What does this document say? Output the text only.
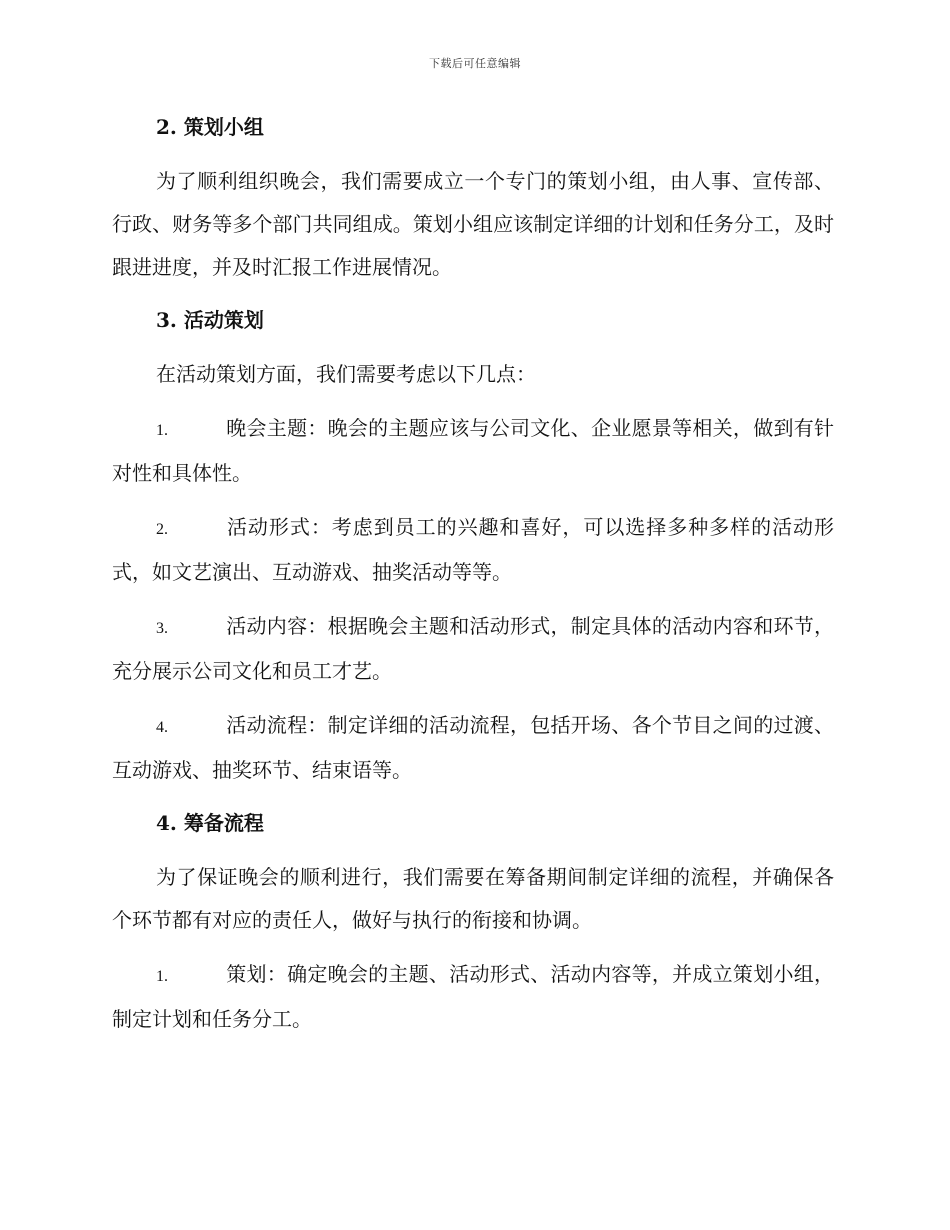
下载后可任意编辑
2. 策划小组

为了顺利组织晚会，我们需要成立一个专门的策划小组，由人事、宣传部、行政、财务等多个部门共同组成。策划小组应该制定详细的计划和任务分工，及时跟进进度，并及时汇报工作进展情况。

3. 活动策划

在活动策划方面，我们需要考虑以下几点：

1.	晚会主题：晚会的主题应该与公司文化、企业愿景等相关，做到有针对性和具体性。

2.	活动形式：考虑到员工的兴趣和喜好，可以选择多种多样的活动形式，如文艺演出、互动游戏、抽奖活动等等。

3.	活动内容：根据晚会主题和活动形式，制定具体的活动内容和环节，充分展示公司文化和员工才艺。

4.	活动流程：制定详细的活动流程，包括开场、各个节目之间的过渡、互动游戏、抽奖环节、结束语等。

4. 筹备流程

为了保证晚会的顺利进行，我们需要在筹备期间制定详细的流程，并确保各个环节都有对应的责任人，做好与执行的衔接和协调。

1.	策划：确定晚会的主题、活动形式、活动内容等，并成立策划小组，制定计划和任务分工。
